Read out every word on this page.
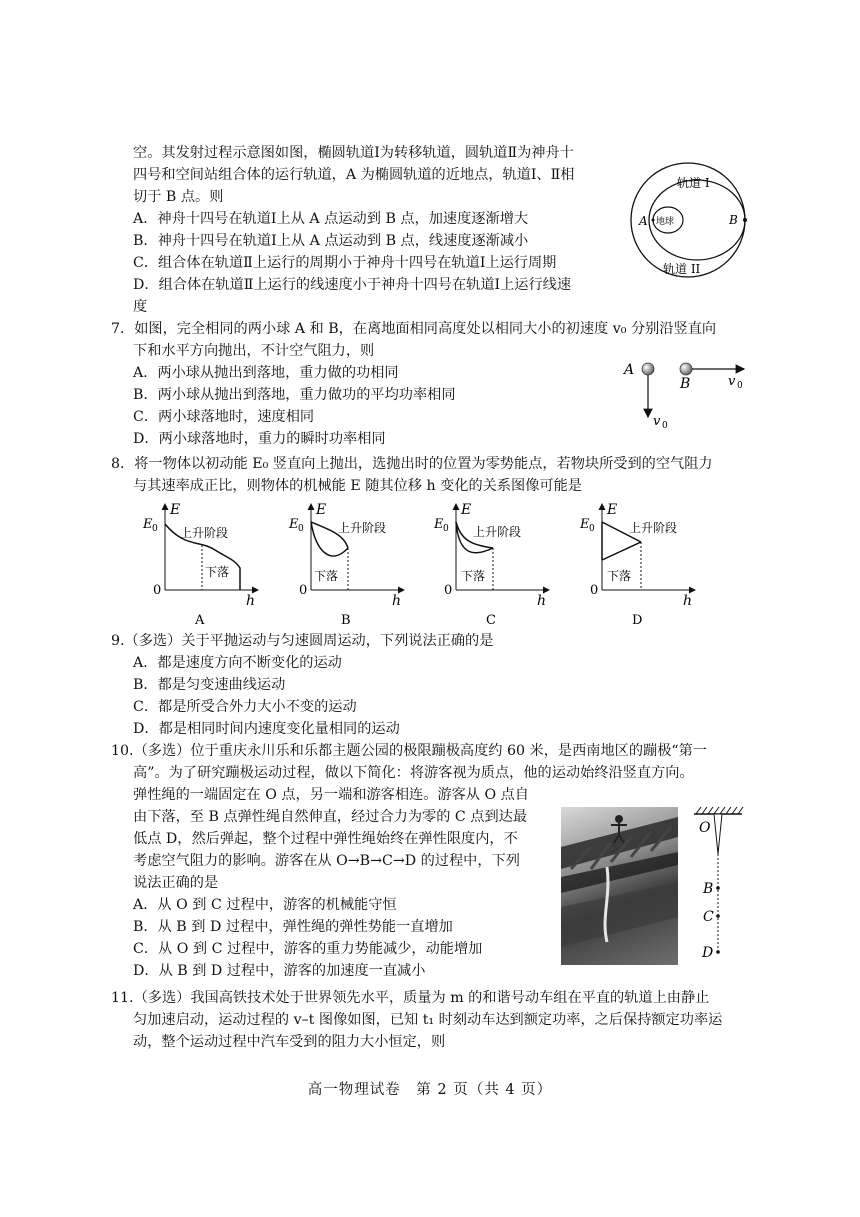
空。其发射过程示意图如图，椭圆轨道Ⅰ为转移轨道，圆轨道Ⅱ为神舟十
四号和空间站组合体的运行轨道，A 为椭圆轨道的近地点，轨道Ⅰ、Ⅱ相
切于 B 点。则
A．神舟十四号在轨道Ⅰ上从 A 点运动到 B 点，加速度逐渐增大
B．神舟十四号在轨道Ⅰ上从 A 点运动到 B 点，线速度逐渐减小
C．组合体在轨道Ⅱ上运行的周期小于神舟十四号在轨道Ⅰ上运行周期
D．组合体在轨道Ⅱ上运行的线速度小于神舟十四号在轨道Ⅰ上运行线速
度
地球
A	B
轨道 I
轨道 II
7．如图，完全相同的两小球 A 和 B，在离地面相同高度处以相同大小的初速度 v₀ 分别沿竖直向
下和水平方向抛出，不计空气阻力，则
A．两小球从抛出到落地，重力做的功相同
B．两小球从抛出到落地，重力做功的平均功率相同
C．两小球落地时，速度相同
D．两小球落地时，重力的瞬时功率相同
A
v 0
B	v 0
8．将一物体以初动能 E₀ 竖直向上抛出，选抛出时的位置为零势能点，若物块所受到的空气阻力
与其速率成正比，则物体的机械能 E 随其位移 h 变化的关系图像可能是
E
E 0
0
h
上升阶段
下落
A
E
E 0
0
h
上升阶段
下落
B
E
E 0
0
h
上升阶段
下落
C
E
E 0
0
h
上升阶段
下落
D
9.（多选）关于平抛运动与匀速圆周运动，下列说法正确的是
A．都是速度方向不断变化的运动
B．都是匀变速曲线运动
C．都是所受合外力大小不变的运动
D．都是相同时间内速度变化量相同的运动
10.（多选）位于重庆永川乐和乐都主题公园的极限蹦极高度约 60 米，是西南地区的蹦极“第一
高”。为了研究蹦极运动过程，做以下简化：将游客视为质点，他的运动始终沿竖直方向。
弹性绳的一端固定在 O 点，另一端和游客相连。游客从 O 点自
由下落，至 B 点弹性绳自然伸直，经过合力为零的 C 点到达最
低点 D，然后弹起，整个过程中弹性绳始终在弹性限度内，不
考虑空气阻力的影响。游客在从 O→B→C→D 的过程中，下列
说法正确的是
A．从 O 到 C 过程中，游客的机械能守恒
B．从 B 到 D 过程中，弹性绳的弹性势能一直增加
C．从 O 到 C 过程中，游客的重力势能减少，动能增加
D．从 B 到 D 过程中，游客的加速度一直减小
O
B
C
D
11.（多选）我国高铁技术处于世界领先水平，质量为 m 的和谐号动车组在平直的轨道上由静止
匀加速启动，运动过程的 v–t 图像如图，已知 t₁ 时刻动车达到额定功率，之后保持额定功率运
动，整个运动过程中汽车受到的阻力大小恒定，则
高一物理试卷　第 2 页（共 4 页）
